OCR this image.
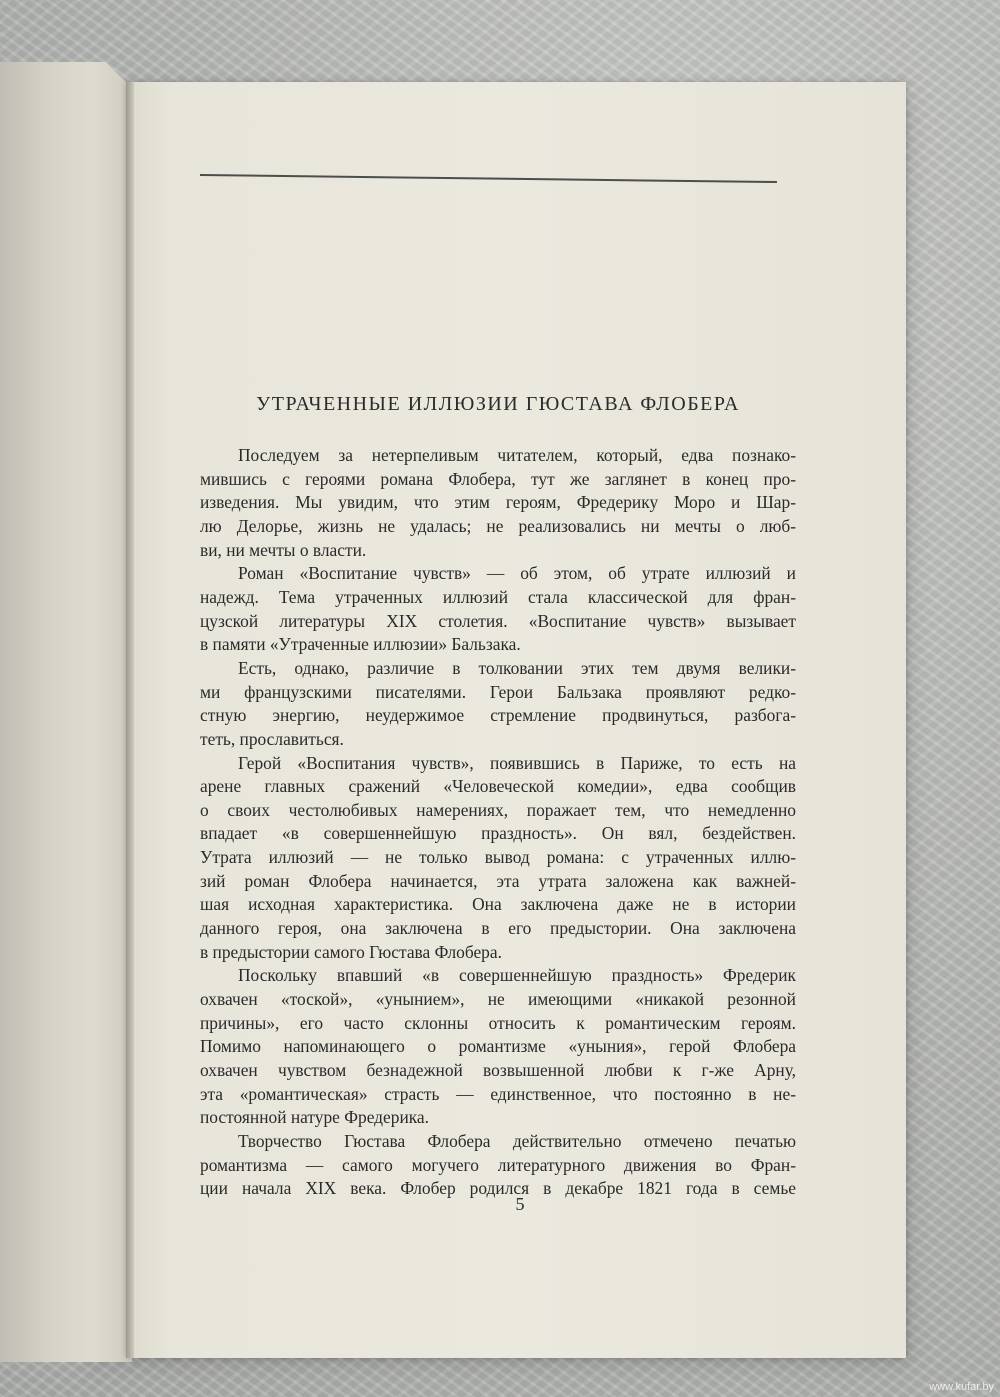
УТРАЧЕННЫЕ ИЛЛЮЗИИ ГЮСТАВА ФЛОБЕРА
Последуем за нетерпеливым читателем, который, едва познако-
мившись с героями романа Флобера, тут же заглянет в конец про-
изведения. Мы увидим, что этим героям, Фредерику Моро и Шар-
лю Делорье, жизнь не удалась; не реализовались ни мечты о люб-
ви, ни мечты о власти.
Роман «Воспитание чувств» — об этом, об утрате иллюзий и
надежд. Тема утраченных иллюзий стала классической для фран-
цузской литературы XIX столетия. «Воспитание чувств» вызывает
в памяти «Утраченные иллюзии» Бальзака.
Есть, однако, различие в толковании этих тем двумя велики-
ми французскими писателями. Герои Бальзака проявляют редко-
стную энергию, неудержимое стремление продвинуться, разбога-
теть, прославиться.
Герой «Воспитания чувств», появившись в Париже, то есть на
арене главных сражений «Человеческой комедии», едва сообщив
о своих честолюбивых намерениях, поражает тем, что немедленно
впадает «в совершеннейшую праздность». Он вял, бездействен.
Утрата иллюзий — не только вывод романа: с утраченных иллю-
зий роман Флобера начинается, эта утрата заложена как важней-
шая исходная характеристика. Она заключена даже не в истории
данного героя, она заключена в его предыстории. Она заключена
в предыстории самого Гюстава Флобера.
Поскольку впавший «в совершеннейшую праздность» Фредерик
охвачен «тоской», «унынием», не имеющими «никакой резонной
причины», его часто склонны относить к романтическим героям.
Помимо напоминающего о романтизме «уныния», герой Флобера
охвачен чувством безнадежной возвышенной любви к г-же Арну,
эта «романтическая» страсть — единственное, что постоянно в не-
постоянной натуре Фредерика.
Творчество Гюстава Флобера действительно отмечено печатью
романтизма — самого могучего литературного движения во Фран-
ции начала XIX века. Флобер родился в декабре 1821 года в семье
5
www.kufar.by
